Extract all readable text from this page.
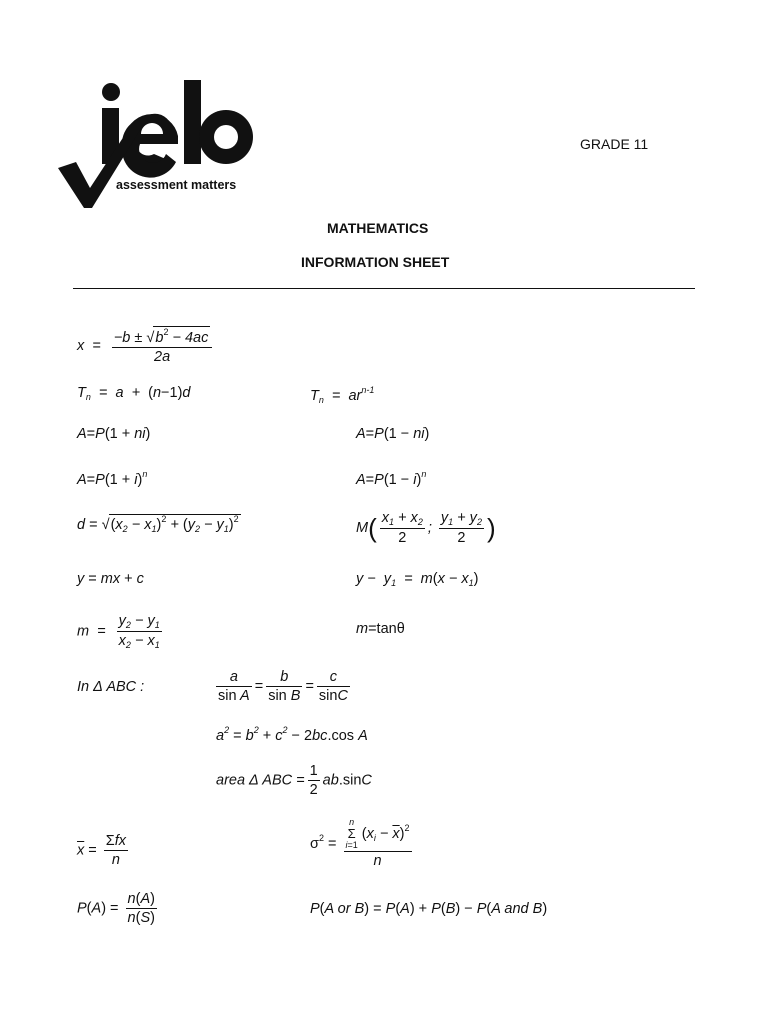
assessment matters
GRADE 11
MATHEMATICS
INFORMATION SHEET
$x = \frac{-b \pm √b^2 - 4ac}{2a}$
$T_n = a + (n-1)d$	$T_n = ar^{n-1}$
A=P(1 + ni)	A=P(1 − ni)
$A=P(1 + i)^n$	$A=P(1 - i)^n$
$d = √(x_2 - x_1)^2 + (y_2 - y_1)^2$
$M( \frac{x_1 + x_2}{2}$ ; $\frac{y_1 + y_2}{2}$ )
y = mx + c	$y - y_1 = m(x - x_1)$
$m = \frac{y_2 - y_1}{x_2 - x_1}$	m=tanθ
In Δ ABC :	$\frac{a}{\text{sin A}} = \frac{b}{\text{sin B}} = \frac{c}{\sin C}$
$a^2 = b^2 + c^2 - 2bc.\cos$ A
area Δ ABC = $\frac{1}{2} ab.\sin C$
$\overline{x} = \frac{\text{Σfx}}{n}$	$\sigma^2$ =
n
Σ
i=1 $(x_i - \overline{x})^2$
n
$P(A) = \frac{n(A)}{n(S)}$	P(A or B) = P(A) + P(B) − P(A and B)
